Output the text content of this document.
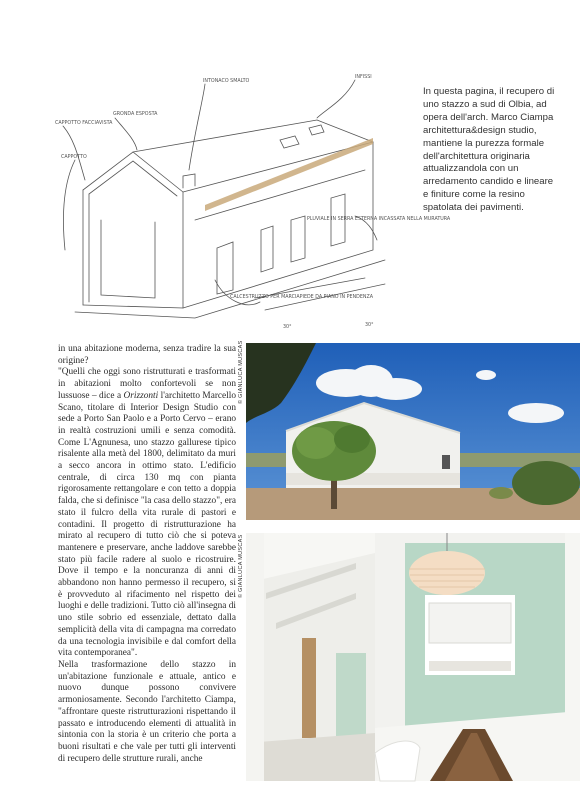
CAPPOTTO FACCIAVISTA
GRONDA ESPOSTA
INTONACO SMALTO
INFISSI
CAPPOTTO
PLUVIALE IN SERRA ESTERNA INCASSATA NELLA MURATURA
CALCESTRUZZO PER MARCIAPIEDE DA PIANO IN PENDENZA
30°	30°

In questa pagina, il recupero di uno stazzo a sud di Olbia, ad opera dell'arch. Marco Ciampa architettura&design studio, mantiene la purezza formale dell'architettura originaria attualizzandola con un arredamento candido e lineare e finiture come la resino spatolata dei pavimenti.

in una abitazione moderna, senza tradire la sua origine?
"Quelli che oggi sono ristrutturati e trasformati in abitazioni molto confortevoli se non lussuose – dice a Orizzonti l'architetto Marcello Scano, titolare di Interior Design Studio con sede a Porto San Paolo e a Porto Cervo – erano in realtà costruzioni umili e senza comodità. Come L'Agnunesa, uno stazzo gallurese tipico risalente alla metà del 1800, delimitato da muri a secco ancora in ottimo stato. L'edificio centrale, di circa 130 mq con pianta rigorosamente rettangolare e con tetto a doppia falda, che si definisce "la casa dello stazzo", era stato il fulcro della vita rurale di pastori e contadini. Il progetto di ristrutturazione ha mirato al recupero di tutto ciò che si poteva mantenere e preservare, anche laddove sarebbe stato più facile radere al suolo e ricostruire. Dove il tempo e la noncuranza di anni di abbandono non hanno permesso il recupero, si è provveduto al rifacimento nel rispetto dei luoghi e delle tradizioni. Tutto ciò all'insegna di uno stile sobrio ed essenziale, dettato dalla semplicità della vita di campagna ma corredato da una tecnologia invisibile e dal comfort della vita contemporanea".

Nella trasformazione dello stazzo in un'abitazione funzionale e attuale, antico e nuovo dunque possono convivere armoniosamente. Secondo l'architetto Ciampa, "affrontare queste ristrutturazioni rispettando il passato e introducendo elementi di attualità in sintonia con la storia è un criterio che porta a buoni risultati e che vale per tutti gli interventi di recupero delle strutture rurali, anche

© GIANLUCA MUSCAS
© GIANLUCA MUSCAS
